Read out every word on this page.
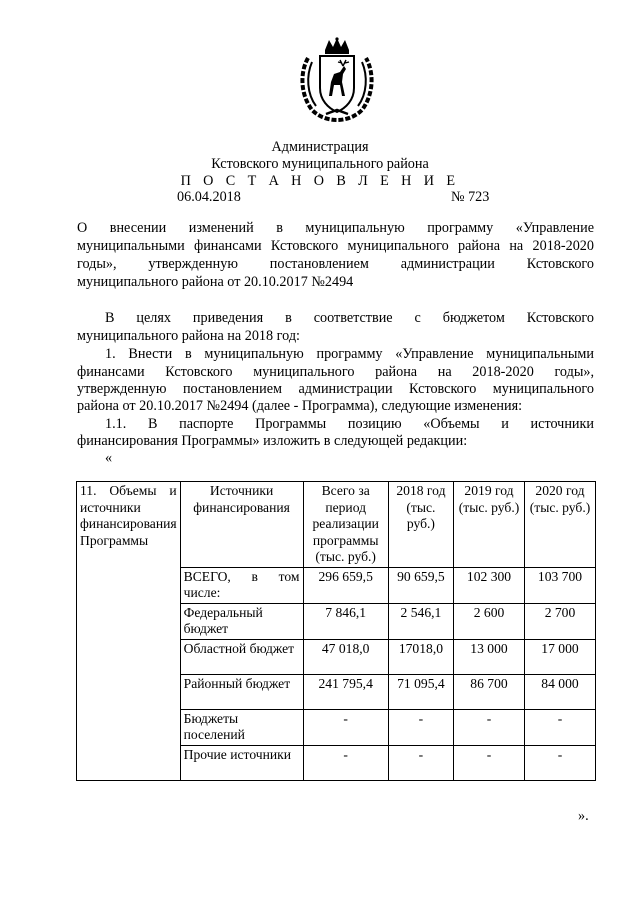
Администрация
Кстовского муниципального района
П О С Т А Н О В Л Е Н И Е
06.04.2018	№ 723
О внесении изменений в муниципальную программу «Управление
муниципальными финансами Кстовского муниципального района на 2018-2020
годы», утвержденную постановлением администрации Кстовского
муниципального района от 20.10.2017 №2494
В целях приведения в соответствие с бюджетом Кстовского
муниципального района на 2018 год:
1. Внести в муниципальную программу «Управление муниципальными
финансами Кстовского муниципального района на 2018-2020 годы»,
утвержденную постановлением администрации Кстовского муниципального
района от 20.10.2017 №2494 (далее - Программа), следующие изменения:
1.1. В паспорте Программы позицию «Объемы и источники
финансирования Программы» изложить в следующей редакции:
«
11. Объемы и источники финансирования Программы	Источники финансирования	Всего за период реализации программы (тыс. руб.)	2018 год (тыс. руб.)	2019 год (тыс. руб.)	2020 год (тыс. руб.)

	ВСЕГО, в том числе:	296 659,5	90 659,5	102 300	103 700
	Федеральный бюджет	7 846,1	2 546,1	2 600	2 700
	Областной бюджет	47 018,0	17018,0	13 000	17 000
	Районный бюджет	241 795,4	71 095,4	86 700	84 000
	Бюджеты поселений	-	-	-	-
	Прочие источники	-	-	-	-
».
